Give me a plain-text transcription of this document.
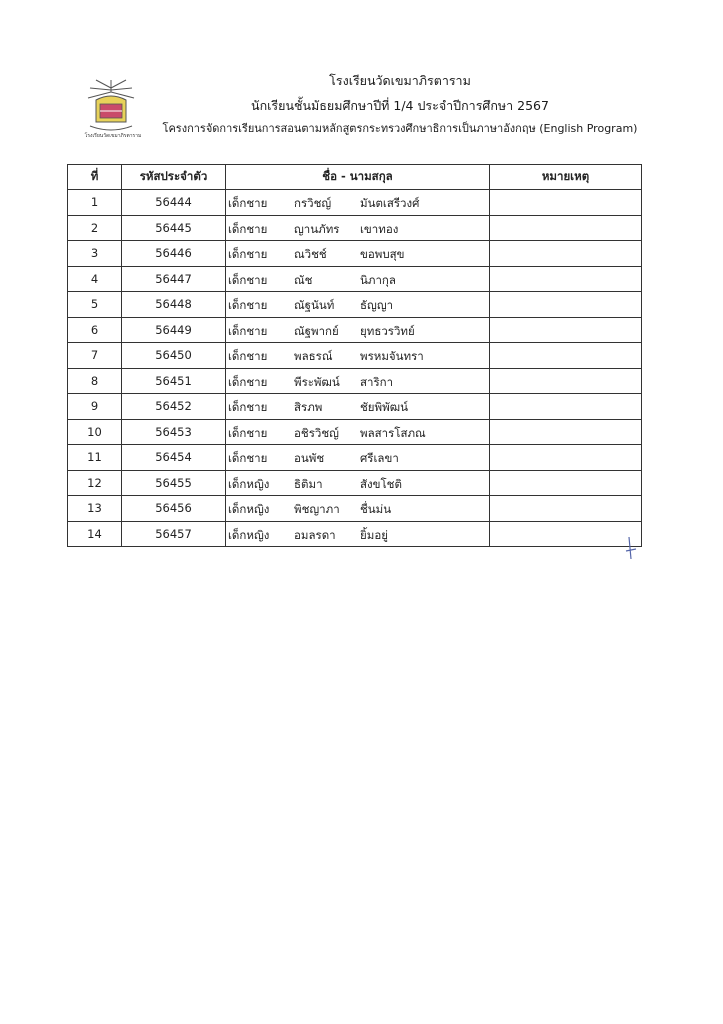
โรงเรียนวัดเขมาภิรตาราม
โรงเรียนวัดเขมาภิรตาราม
นักเรียนชั้นมัธยมศึกษาปีที่ 1/4 ประจำปีการศึกษา 2567
โครงการจัดการเรียนการสอนตามหลักสูตรกระทรวงศึกษาธิการเป็นภาษาอังกฤษ (English Program)
ที่	รหัสประจำตัว	ชื่อ - นามสกุล	หมายเหตุ
1	56444	เด็กชาย กรวิชญ์ มันตเสรีวงศ์	

2	56445	เด็กชาย ญานภัทร เขาทอง	

3	56446	เด็กชาย ณวิชช์ ขอพบสุข	

4	56447	เด็กชาย ณัช นิภากุล	

5	56448	เด็กชาย ณัฐนันท์ ธัญญา	

6	56449	เด็กชาย ณัฐพากย์ ยุทธวรวิทย์	

7	56450	เด็กชาย พลธรณ์ พรหมจันทรา	

8	56451	เด็กชาย พีระพัฒน์ สาริกา	

9	56452	เด็กชาย สิรภพ ชัยพิพัฒน์	

10	56453	เด็กชาย อชิรวิชญ์ พลสารโสภณ	

11	56454	เด็กชาย อนพัช ศรีเลขา	

12	56455	เด็กหญิง ธิติมา สังขโชติ	

13	56456	เด็กหญิง พิชญาภา ชื่นม่น	

14	56457	เด็กหญิง อมลรดา ยิ้มอยู่	
